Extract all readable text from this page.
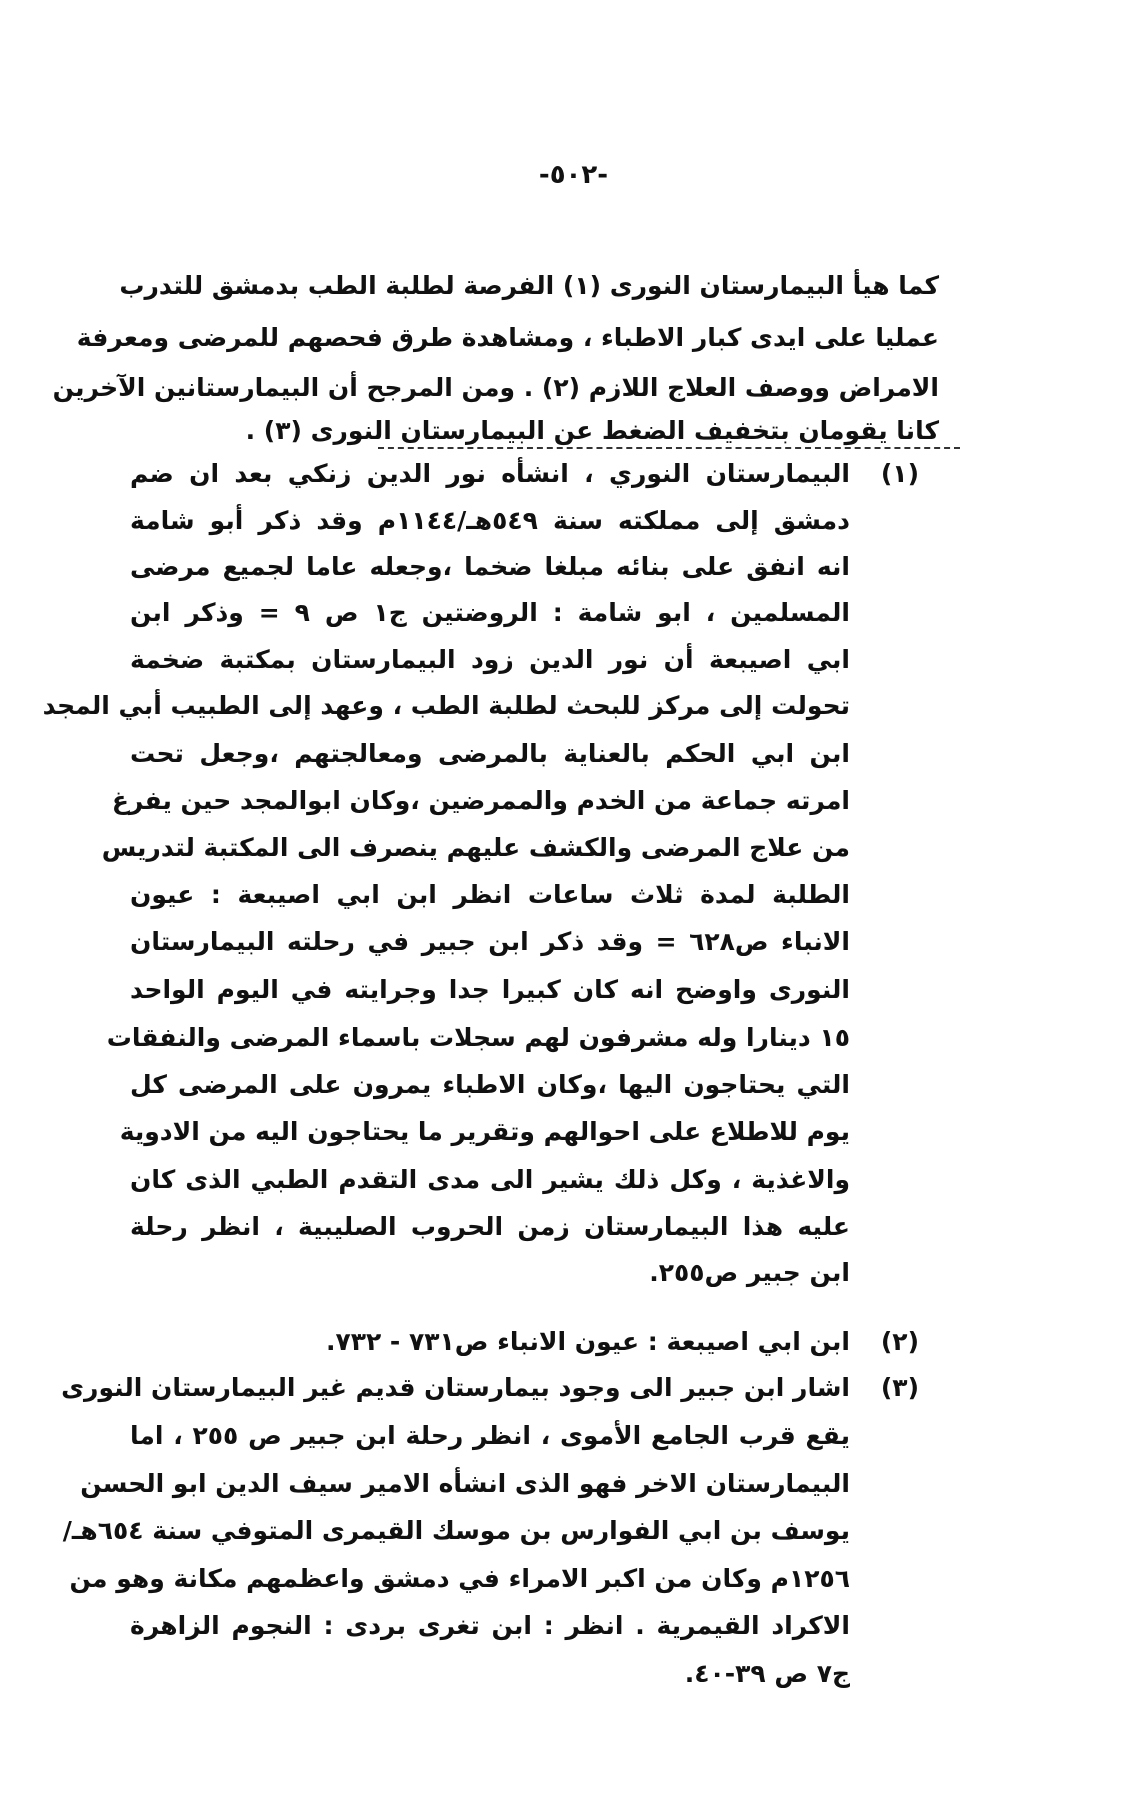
-٥٠٢-
كما هيأ البيمارستان النورى (١) الفرصة لطلبة الطب بدمشق للتدرب
عمليا على ايدى كبار الاطباء ، ومشاهدة طرق فحصهم للمرضى ومعرفة
الامراض ووصف العلاج اللازم (٢) . ومن المرجح أن البيمارستانين الآخرين
كانا يقومان بتخفيف الضغط عن البيمارستان النورى (٣) .
(١)
البيمارستان النوري ، انشأه نور الدين زنكي بعد ان ضم
دمشق إلى مملكته سنة ٥٤٩هـ/١١٤٤م وقد ذكر أبو شامة
انه انفق على بنائه مبلغا ضخما ،وجعله عاما لجميع مرضى
المسلمين ، ابو شامة : الروضتين ج١ ص ٩ = وذكر ابن
ابي اصيبعة أن نور الدين زود البيمارستان بمكتبة ضخمة
تحولت إلى مركز للبحث لطلبة الطب ، وعهد إلى الطبيب أبي المجد
ابن ابي الحكم بالعناية بالمرضى ومعالجتهم ،وجعل تحت
امرته جماعة من الخدم والممرضين ،وكان ابوالمجد حين يفرغ
من علاج المرضى والكشف عليهم ينصرف الى المكتبة لتدريس
الطلبة لمدة ثلاث ساعات انظر ابن ابي اصيبعة : عيون
الانباء ص٦٢٨ = وقد ذكر ابن جبير في رحلته البيمارستان
النورى واوضح انه كان كبيرا جدا وجرايته في اليوم الواحد
١٥ دينارا وله مشرفون لهم سجلات باسماء المرضى والنفقات
التي يحتاجون اليها ،وكان الاطباء يمرون على المرضى كل
يوم للاطلاع على احوالهم وتقرير ما يحتاجون اليه من الادوية
والاغذية ، وكل ذلك يشير الى مدى التقدم الطبي الذى كان
عليه هذا البيمارستان زمن الحروب الصليبية ، انظر رحلة
ابن جبير ص٢٥٥.
(٢)
ابن ابي اصيبعة : عيون الانباء ص٧٣١ - ٧٣٢.
(٣)
اشار ابن جبير الى وجود بيمارستان قديم غير البيمارستان النورى
يقع قرب الجامع الأموى ، انظر رحلة ابن جبير ص ٢٥٥ ، اما
البيمارستان الاخر فهو الذى انشأه الامير سيف الدين ابو الحسن
يوسف بن ابي الفوارس بن موسك القيمرى المتوفي سنة ٦٥٤هـ/
١٢٥٦م وكان من اكبر الامراء في دمشق واعظمهم مكانة وهو من
الاكراد القيمرية . انظر : ابن تغرى بردى : النجوم الزاهرة
ج٧ ص ٣٩-٤٠.
